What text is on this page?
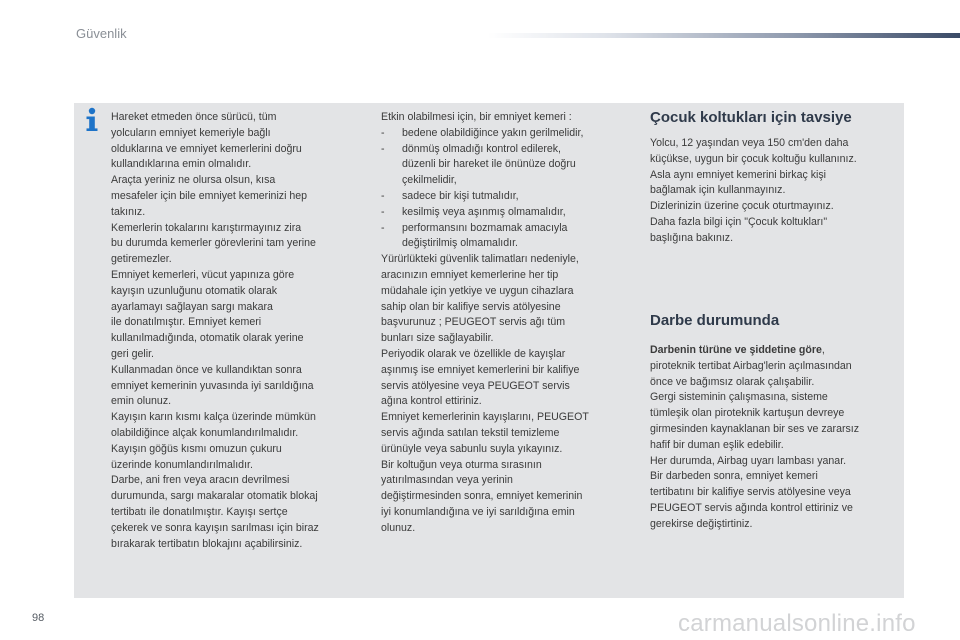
Güvenlik

Hareket etmeden önce sürücü, tüm

yolcuların emniyet kemeriyle bağlı

olduklarına ve emniyet kemerlerini doğru

kullandıklarına emin olmalıdır.

Araçta yeriniz ne olursa olsun, kısa

mesafeler için bile emniyet kemerinizi hep

takınız.

Kemerlerin tokalarını karıştırmayınız zira

bu durumda kemerler görevlerini tam yerine

getiremezler.

Emniyet kemerleri, vücut yapınıza göre

kayışın uzunluğunu otomatik olarak

ayarlamayı sağlayan sargı makara

ile donatılmıştır. Emniyet kemeri

kullanılmadığında, otomatik olarak yerine

geri gelir.

Kullanmadan önce ve kullandıktan sonra

emniyet kemerinin yuvasında iyi sarıldığına

emin olunuz.

Kayışın karın kısmı kalça üzerinde mümkün

olabildiğince alçak konumlandırılmalıdır.

Kayışın göğüs kısmı omuzun çukuru

üzerinde konumlandırılmalıdır.

Darbe, ani fren veya aracın devrilmesi

durumunda, sargı makaralar otomatik blokaj

tertibatı ile donatılmıştır. Kayışı sertçe

çekerek ve sonra kayışın sarılması için biraz

bırakarak tertibatın blokajını açabilirsiniz.

Etkin olabilmesi için, bir emniyet kemeri :

-	bedene olabildiğince yakın gerilmelidir,

-	dönmüş olmadığı kontrol edilerek,

düzenli bir hareket ile önünüze doğru

çekilmelidir,

-	sadece bir kişi tutmalıdır,

-	kesilmiş veya aşınmış olmamalıdır,

-	performansını bozmamak amacıyla

değiştirilmiş olmamalıdır.

Yürürlükteki güvenlik talimatları nedeniyle,

aracınızın emniyet kemerlerine her tip

müdahale için yetkiye ve uygun cihazlara

sahip olan bir kalifiye servis atölyesine

başvurunuz ; PEUGEOT servis ağı tüm

bunları size sağlayabilir.

Periyodik olarak ve özellikle de kayışlar

aşınmış ise emniyet kemerlerini bir kalifiye

servis atölyesine veya PEUGEOT servis

ağına kontrol ettiriniz.

Emniyet kemerlerinin kayışlarını, PEUGEOT

servis ağında satılan tekstil temizleme

ürünüyle veya sabunlu suyla yıkayınız.

Bir koltuğun veya oturma sırasının

yatırılmasından veya yerinin

değiştirmesinden sonra, emniyet kemerinin

iyi konumlandığına ve iyi sarıldığına emin

olunuz.

Çocuk koltukları için tavsiye

Yolcu, 12 yaşından veya 150 cm'den daha

küçükse, uygun bir çocuk koltuğu kullanınız.

Asla aynı emniyet kemerini birkaç kişi

bağlamak için kullanmayınız.

Dizlerinizin üzerine çocuk oturtmayınız.

Daha fazla bilgi için "Çocuk koltukları"

başlığına bakınız.

Darbe durumunda

Darbenin türüne ve şiddetine göre,

piroteknik tertibat Airbag'lerin açılmasından

önce ve bağımsız olarak çalışabilir.

Gergi sisteminin çalışmasına, sisteme

tümleşik olan piroteknik kartuşun devreye

girmesinden kaynaklanan bir ses ve zararsız

hafif bir duman eşlik edebilir.

Her durumda, Airbag uyarı lambası yanar.

Bir darbeden sonra, emniyet kemeri

tertibatını bir kalifiye servis atölyesine veya

PEUGEOT servis ağında kontrol ettiriniz ve

gerekirse değiştirtiniz.

98	carmanualsonline.info
